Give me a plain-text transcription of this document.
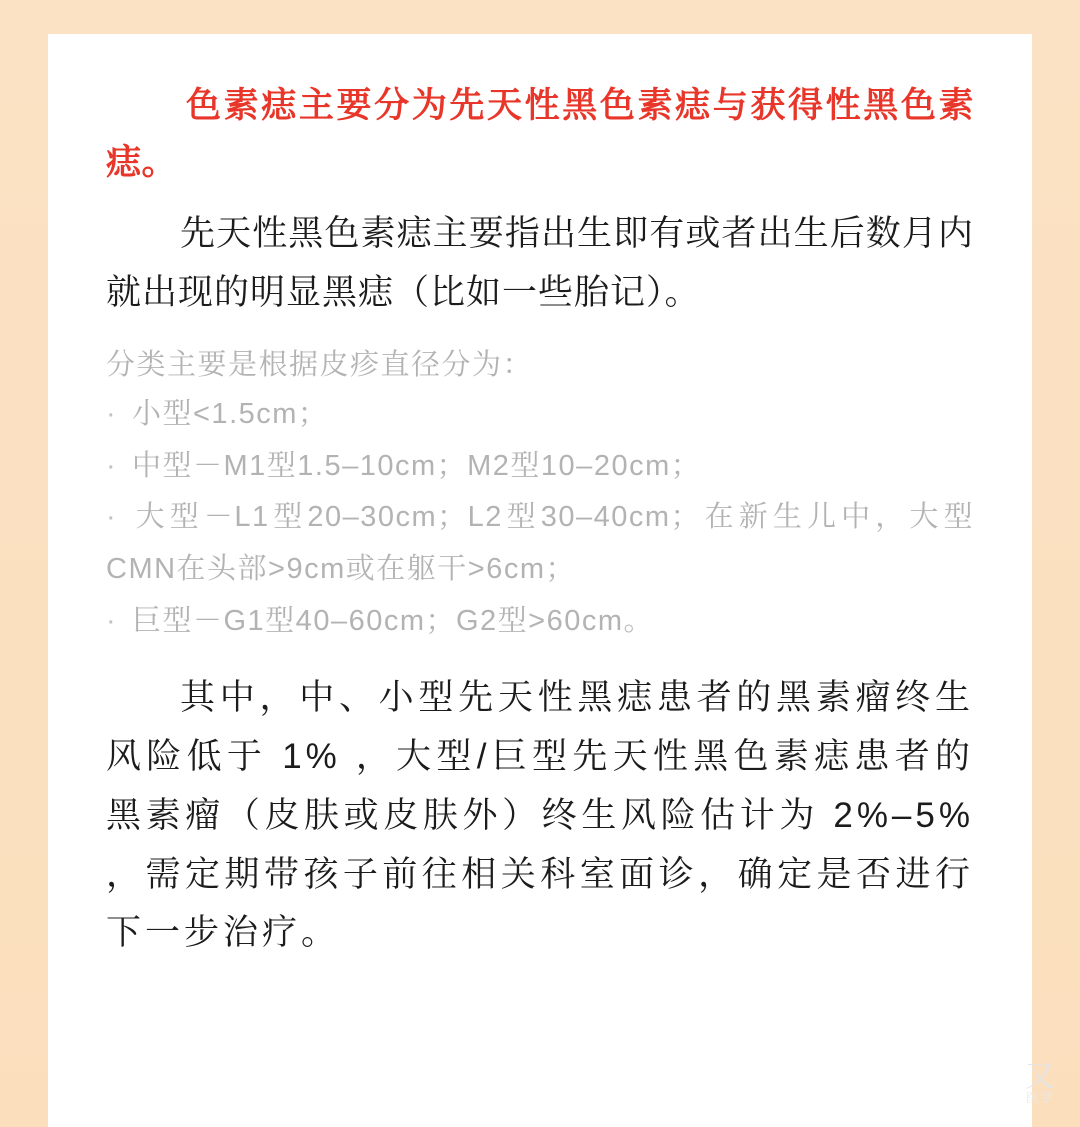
色素痣主要分为先天性黑色素痣与获得性黑色素痣。

先天性黑色素痣主要指出生即有或者出生后数月内就出现的明显黑痣（比如一些胎记）。

分类主要是根据皮疹直径分为：

· 小型<1.5cm；
· 中型－M1型1.5–10cm；M2型10–20cm；
· 大型－L1型20–30cm；L2型30–40cm；在新生儿中，大型CMN在头部>9cm或在躯干>6cm；
· 巨型－G1型40–60cm；G2型>60cm。

其中，中、小型先天性黑痣患者的黑素瘤终生风险低于 1% ，大型/巨型先天性黑色素痣患者的黑素瘤（皮肤或皮肤外）终生风险估计为 2%–5% ，需定期带孩子前往相关科室面诊，确定是否进行下一步治疗。

又
医学
